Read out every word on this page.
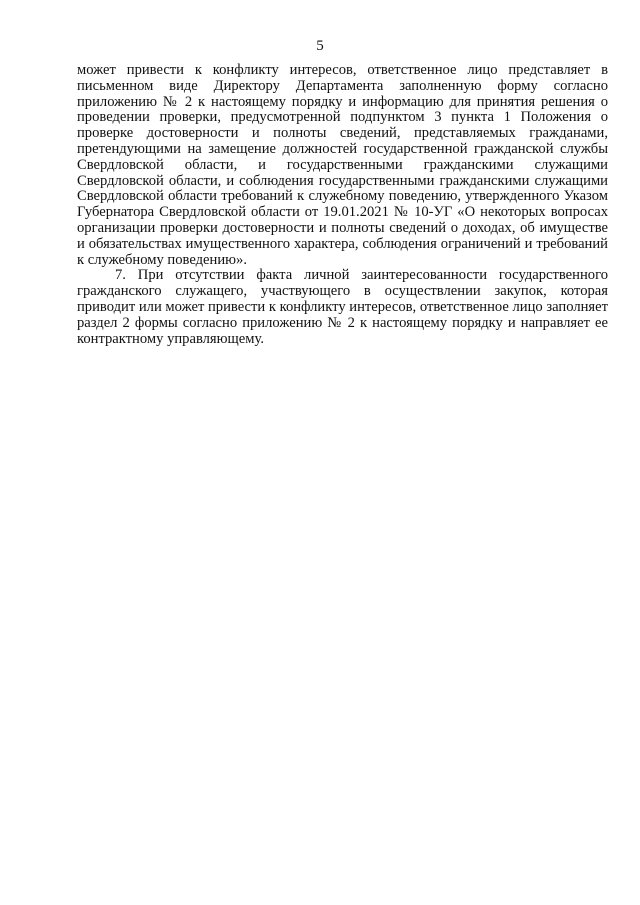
5

может привести к конфликту интересов, ответственное лицо представляет в письменном виде Директору Департамента заполненную форму согласно приложению № 2 к настоящему порядку и информацию для принятия решения о проведении проверки, предусмотренной подпунктом 3 пункта 1 Положения о проверке достоверности и полноты сведений, представляемых гражданами, претендующими на замещение должностей государственной гражданской службы Свердловской области, и государственными гражданскими служащими Свердловской области, и соблюдения государственными гражданскими служащими Свердловской области требований к служебному поведению, утвержденного Указом Губернатора Свердловской области от 19.01.2021 № 10-УГ «О некоторых вопросах организации проверки достоверности и полноты сведений о доходах, об имуществе и обязательствах имущественного характера, соблюдения ограничений и требований к служебному поведению».

7. При отсутствии факта личной заинтересованности государственного гражданского служащего, участвующего в осуществлении закупок, которая приводит или может привести к конфликту интересов, ответственное лицо заполняет раздел 2 формы согласно приложению № 2 к настоящему порядку и направляет ее контрактному управляющему.
